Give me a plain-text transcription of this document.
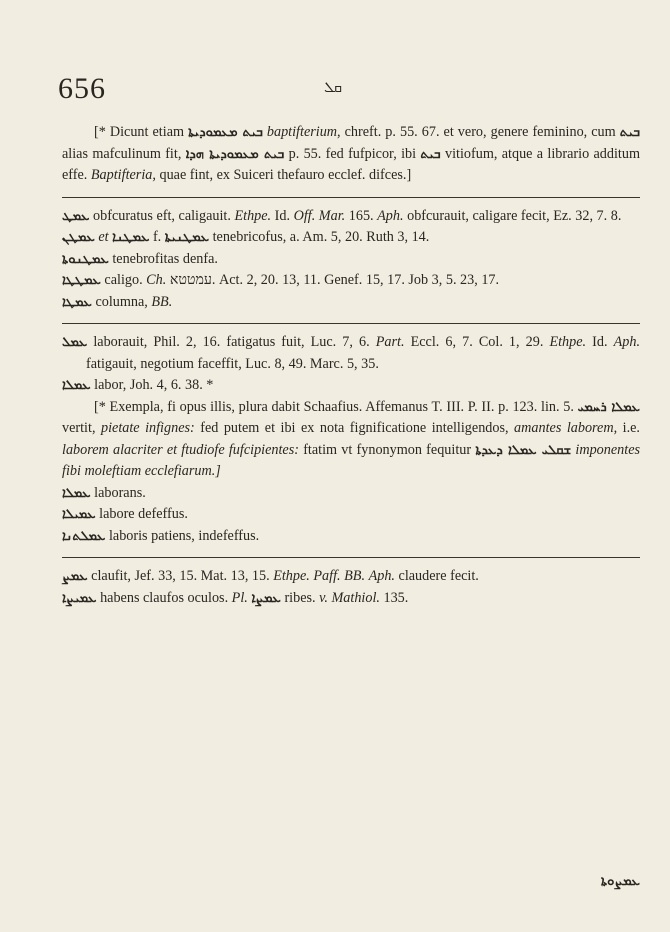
656	ܩܠ

[* Dicunt etiam ܒܝܬ ܡܥܡܘܕܝܬܐ baptifterium, chreft. p. 55. 67. et vero, genere feminino, cum ܒܝܬ alias mafculinum fit, ܒܝܬ ܡܥܡܘܕܝܬܐ ܗܕܐ p. 55. fed fufpicor, ibi ܒܝܬ vitiofum, atque a librario additum effe. Baptifteria, quae fint, ex Suiceri thefauro ecclef. difces.]

ܥܡܛ obfcuratus eft, caligauit. Ethpe. Id. Off. Mar. 165. Aph. obfcurauit, caligare fecit, Ez. 32, 7. 8.

ܥܡܛܢ et ܥܡܛܢܐ f. ܥܡܛܢܝܬܐ tenebricofus, a. Am. 5, 20. Ruth 3, 14.

ܥܡܛܢܘܬܐ tenebrofitas denfa.

ܥܡܛܛܐ caligo. Ch. עמטטא. Act. 2, 20. 13, 11. Genef. 15, 17. Job 3, 5. 23, 17.

ܥܡܛܐ columna, BB.

ܥܡܠ laborauit, Phil. 2, 16. fatigatus fuit, Luc. 7, 6. Part. Eccl. 6, 7. Col. 1, 29. Ethpe. Id. Aph. fatigauit, negotium faceffit, Luc. 8, 49. Marc. 5, 35.

ܥܡܠܐ labor, Joh. 4, 6. 38. *

[* Exempla, fi opus illis, plura dabit Schaafius. Affemanus T. III. P. II. p. 123. lin. 5. ܥܡܠܐ ܪܚܡܝ vertit, pietate infignes: fed putem et ibi ex nota fignificatione intelligendos, amantes laborem, i.e. laborem alacriter et ftudiofe fufcipientes: ftatim vt fynonymon fequitur ܫܩܠܝ ܥܡܠܐ ܕܥܕܬܐ imponentes fibi moleftiam ecclefiarum.]

ܥܡܠܐ laborans.

ܥܡܝܠܐ labore defeffus.

ܥܡܠܬܢܐ laboris patiens, indefeffus.

ܥܡܨ claufit, Jef. 33, 15. Mat. 13, 15. Ethpe. Paff. BB. Aph. claudere fecit.

ܥܡܝܨܐ habens claufos oculos. Pl. ܥܡܨܐ ribes. v. Mathiol. 135.

ܥܡܨܘܬܐ
